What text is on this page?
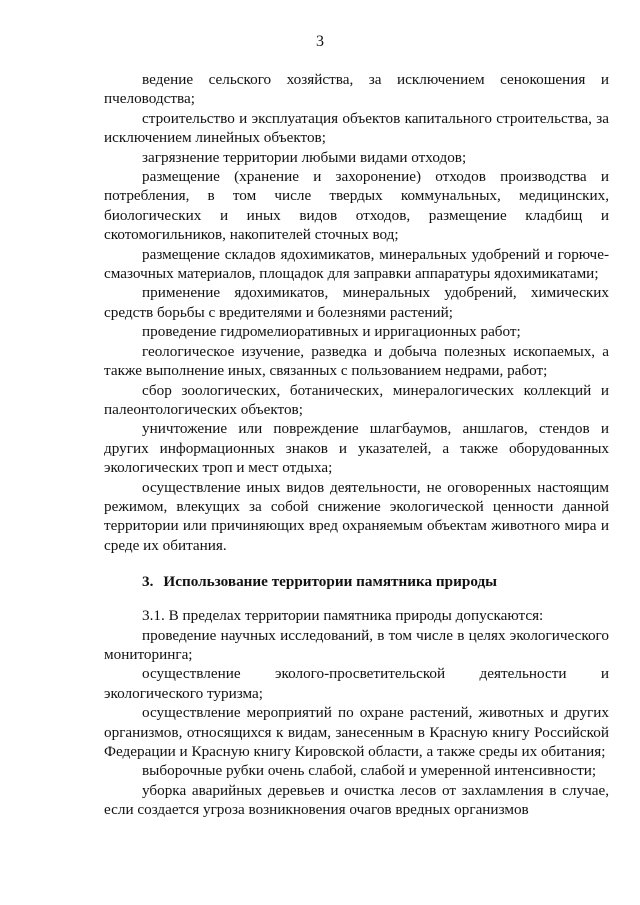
3

ведение сельского хозяйства, за исключением сенокошения и пчеловодства;

строительство и эксплуатация объектов капитального строительства, за исключением линейных объектов;

загрязнение территории любыми видами отходов;

размещение (хранение и захоронение) отходов производства и потребления, в том числе твердых коммунальных, медицинских, биологических и иных видов отходов, размещение кладбищ и скотомогильников, накопителей сточных вод;

размещение складов ядохимикатов, минеральных удобрений и горюче-смазочных материалов, площадок для заправки аппаратуры ядохимикатами;

применение ядохимикатов, минеральных удобрений, химических средств борьбы с вредителями и болезнями растений;

проведение гидромелиоративных и ирригационных работ;

геологическое изучение, разведка и добыча полезных ископаемых, а также выполнение иных, связанных с пользованием недрами, работ;

сбор зоологических, ботанических, минералогических коллекций и палеонтологических объектов;

уничтожение или повреждение шлагбаумов, аншлагов, стендов и других информационных знаков и указателей, а также оборудованных экологических троп и мест отдыха;

осуществление иных видов деятельности, не оговоренных настоящим режимом, влекущих за собой снижение экологической ценности данной территории или причиняющих вред охраняемым объектам животного мира и среде их обитания.

3. Использование территории памятника природы

3.1. В пределах территории памятника природы допускаются:

проведение научных исследований, в том числе в целях экологического мониторинга;

осуществление эколого-просветительской деятельности и экологического туризма;

осуществление мероприятий по охране растений, животных и других организмов, относящихся к видам, занесенным в Красную книгу Российской Федерации и Красную книгу Кировской области, а также среды их обитания;

выборочные рубки очень слабой, слабой и умеренной интенсивности;

уборка аварийных деревьев и очистка лесов от захламления в случае, если создается угроза возникновения очагов вредных организмов
